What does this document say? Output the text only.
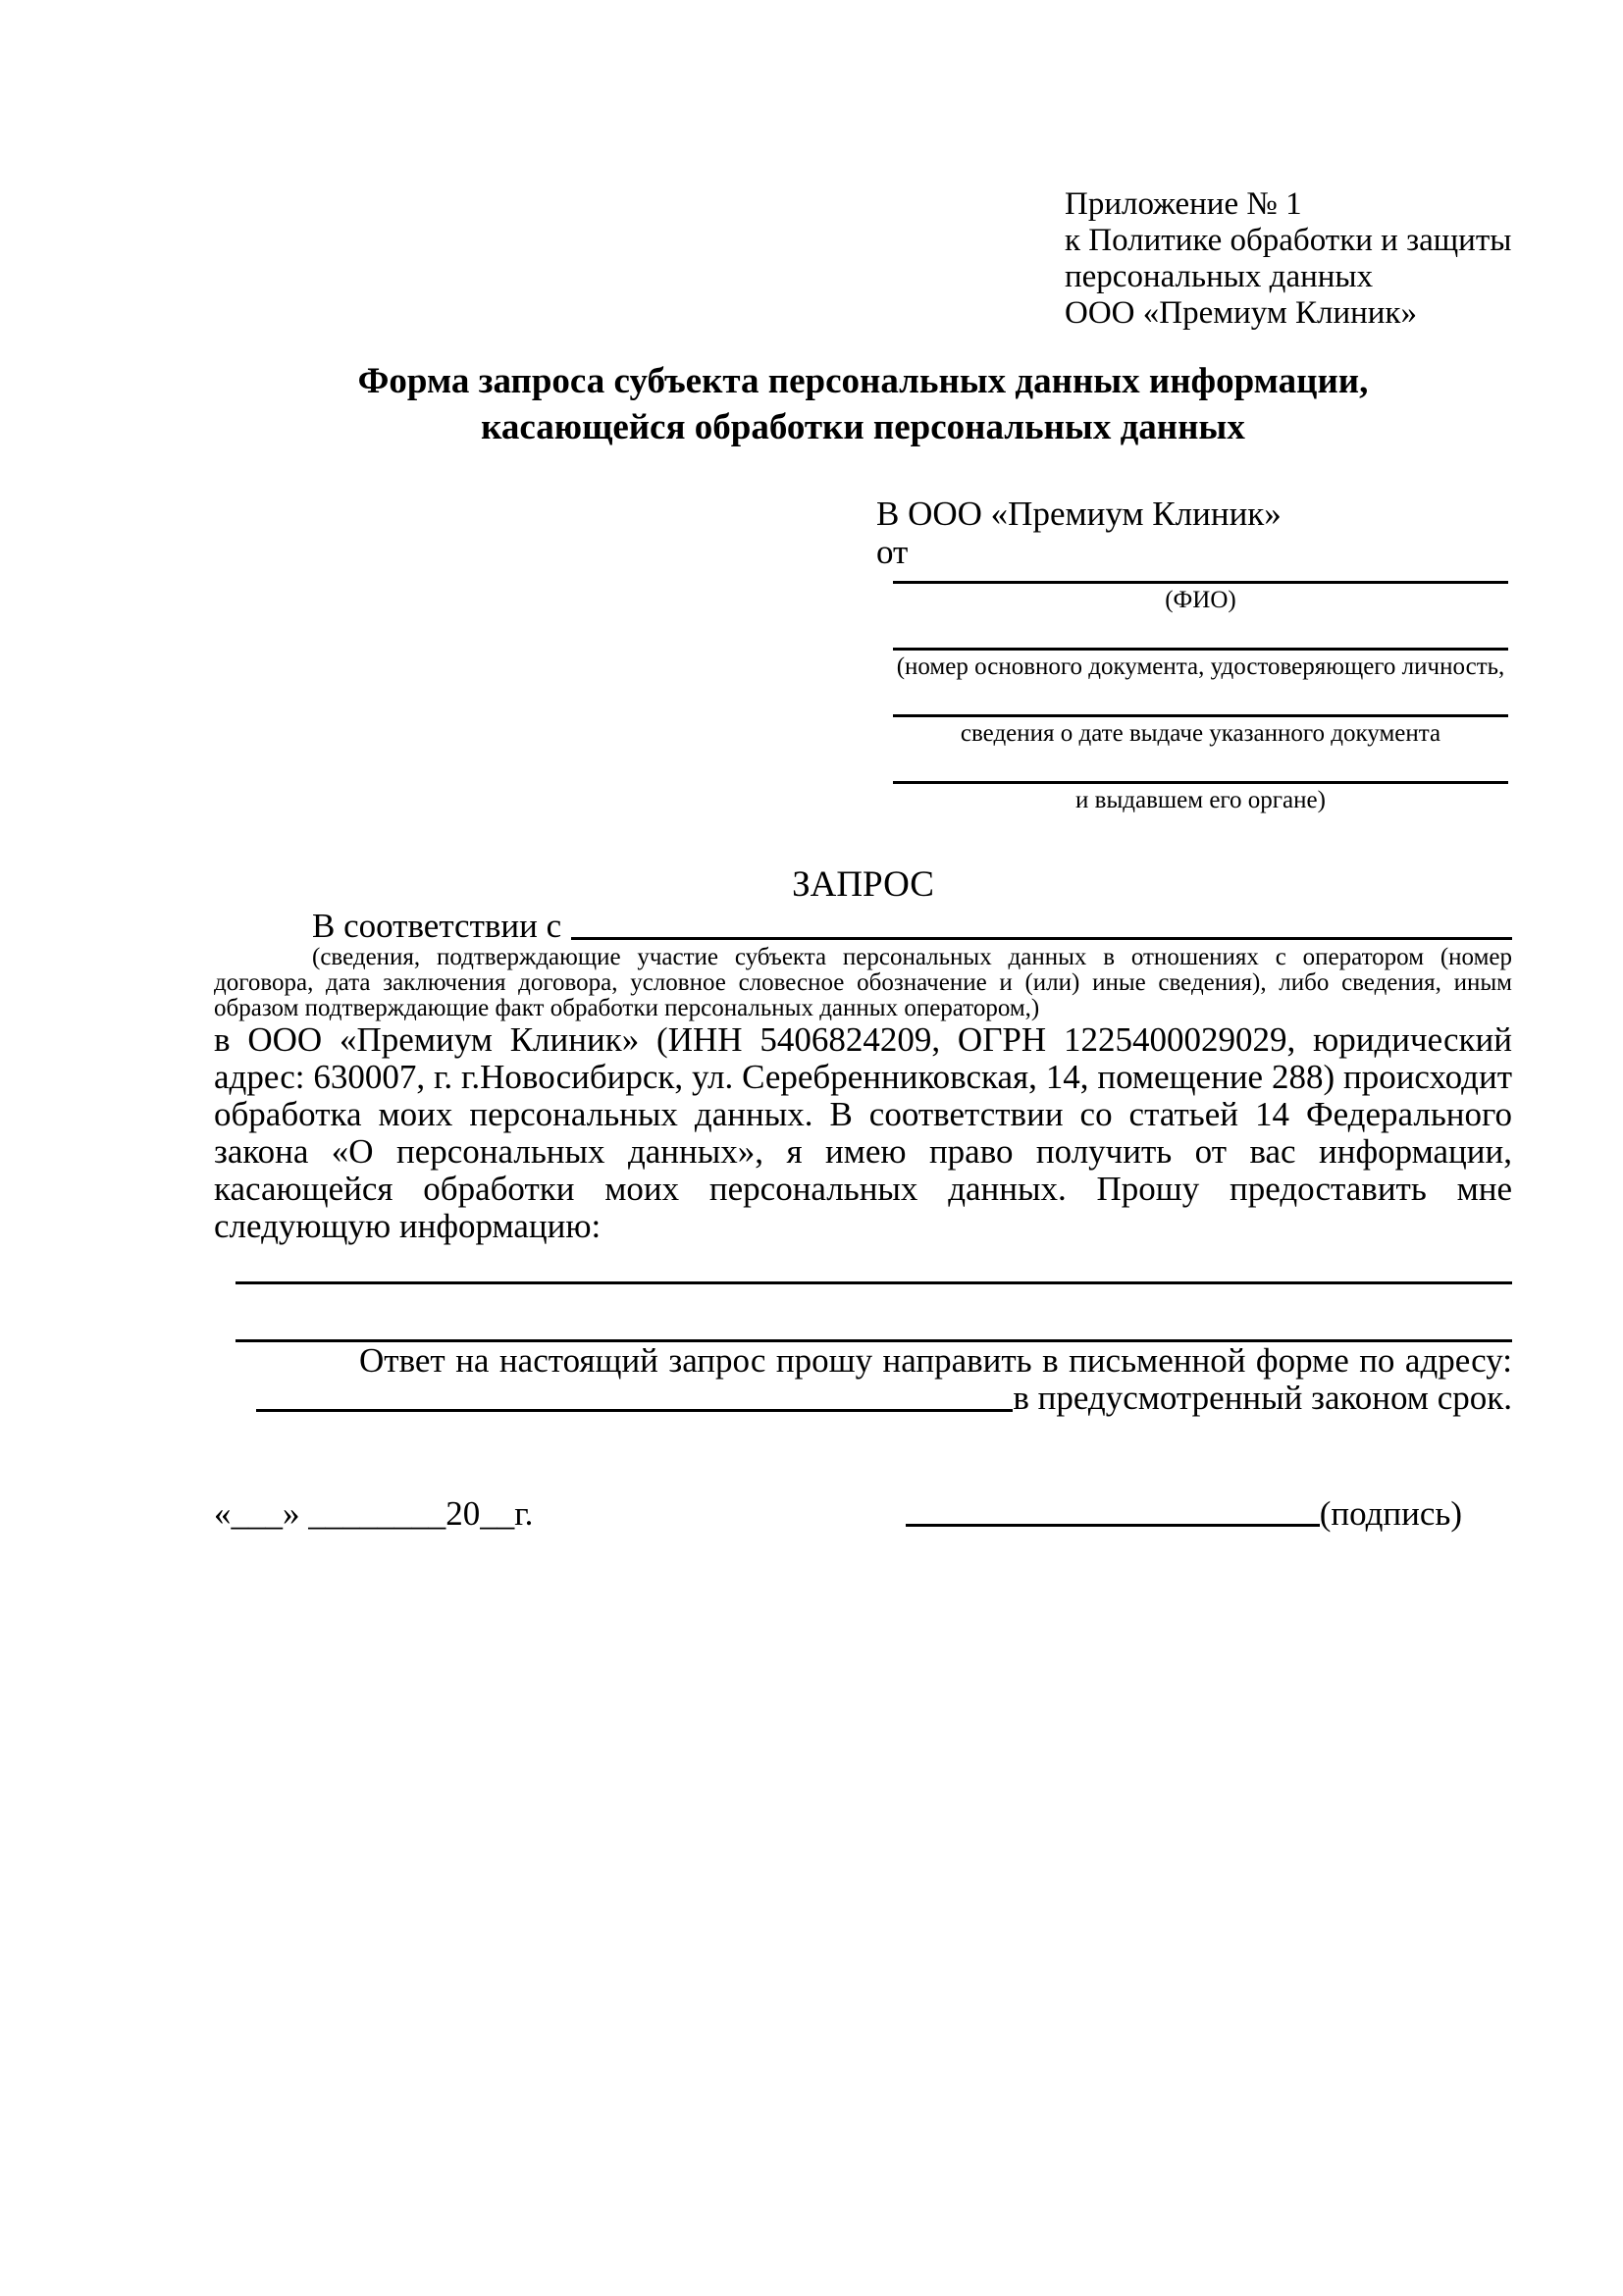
Приложение № 1
к Политике обработки и защиты
персональных данных
ООО «Премиум Клиник»
Форма запроса субъекта персональных данных информации,
касающейся обработки персональных данных
В ООО «Премиум Клиник»
от
(ФИО)
(номер основного документа, удостоверяющего личность,
сведения о дате выдаче указанного документа
и выдавшем его органе)
ЗАПРОС
В соответствии с

(сведения, подтверждающие участие субъекта персональных данных в отношениях с оператором (номер договора, дата заключения договора, условное словесное обозначение и (или) иные сведения), либо сведения, иным образом подтверждающие факт обработки персональных данных оператором,)

в ООО «Премиум Клиник» (ИНН 5406824209, ОГРН 1225400029029, юридический адрес: 630007, г. г.Новосибирск, ул. Серебренниковская, 14, помещение 288) происходит обработка моих персональных данных. В соответствии со статьей 14 Федерального закона «О персональных данных», я имею право получить от вас информации, касающейся обработки моих персональных данных. Прошу предоставить мне следующую информацию:

Ответ на настоящий запрос прошу направить в письменной форме по адресу:

в предусмотренный законом срок.
«___» ________20__г.	(подпись)
